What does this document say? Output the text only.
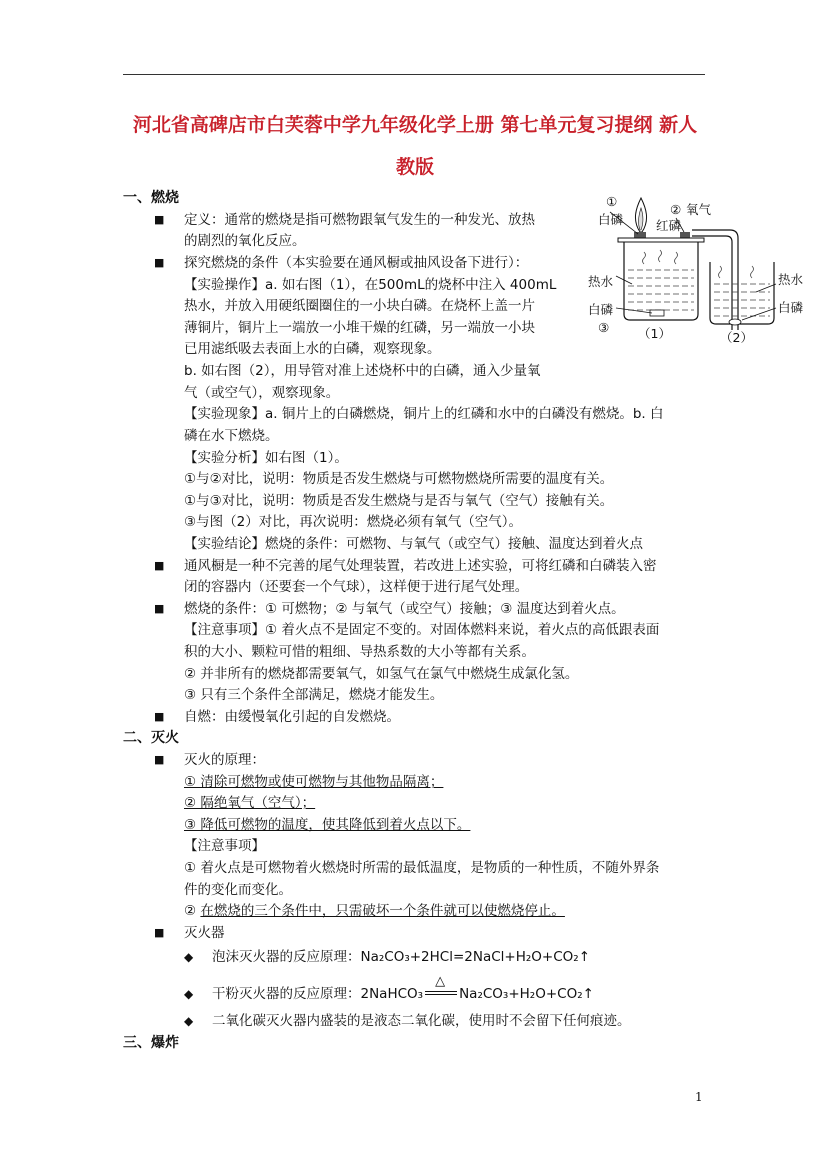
河北省高碑店市白芙蓉中学九年级化学上册 第七单元复习提纲 新人
教版
①
白磷
② 氧气
红磷
热水
白磷
③ （1）
热水
白磷
（2）
一、燃烧
■ 定义：通常的燃烧是指可燃物跟氧气发生的一种发光、放热
的剧烈的氧化反应。
■ 探究燃烧的条件（本实验要在通风橱或抽风设备下进行）：
【实验操作】a. 如右图（1），在500mL的烧杯中注入 400mL
热水，并放入用硬纸圈圈住的一小块白磷。在烧杯上盖一片
薄铜片，铜片上一端放一小堆干燥的红磷，另一端放一小块
已用滤纸吸去表面上水的白磷，观察现象。
b. 如右图（2），用导管对准上述烧杯中的白磷，通入少量氧
气（或空气），观察现象。
【实验现象】a. 铜片上的白磷燃烧，铜片上的红磷和水中的白磷没有燃烧。b. 白
磷在水下燃烧。
【实验分析】如右图（1）。
①与②对比，说明：物质是否发生燃烧与可燃物燃烧所需要的温度有关。
①与③对比，说明：物质是否发生燃烧与是否与氧气（空气）接触有关。
③与图（2）对比，再次说明：燃烧必须有氧气（空气）。
【实验结论】燃烧的条件：可燃物、与氧气（或空气）接触、温度达到着火点
■ 通风橱是一种不完善的尾气处理装置，若改进上述实验，可将红磷和白磷装入密
闭的容器内（还要套一个气球），这样便于进行尾气处理。
■ 燃烧的条件：① 可燃物；② 与氧气（或空气）接触；③ 温度达到着火点。
【注意事项】① 着火点不是固定不变的。对固体燃料来说，着火点的高低跟表面
积的大小、颗粒可惜的粗细、导热系数的大小等都有关系。
② 并非所有的燃烧都需要氧气，如氢气在氯气中燃烧生成氯化氢。
③ 只有三个条件全部满足，燃烧才能发生。
■ 自燃：由缓慢氧化引起的自发燃烧。
二、灭火
■ 灭火的原理：
① 清除可燃物或使可燃物与其他物品隔离；
② 隔绝氧气（空气）；
③ 降低可燃物的温度，使其降低到着火点以下。
【注意事项】
① 着火点是可燃物着火燃烧时所需的最低温度，是物质的一种性质，不随外界条
件的变化而变化。
② 在燃烧的三个条件中，只需破坏一个条件就可以使燃烧停止。
■ 灭火器
◆ 泡沫灭火器的反应原理：Na₂CO₃+2HCl=2NaCl+H₂O+CO₂↑
◆ 干粉灭火器的反应原理：2NaHCO₃
△
Na₂CO₃+H₂O+CO₂↑
◆ 二氧化碳灭火器内盛装的是液态二氧化碳，使用时不会留下任何痕迹。
三、爆炸
1
